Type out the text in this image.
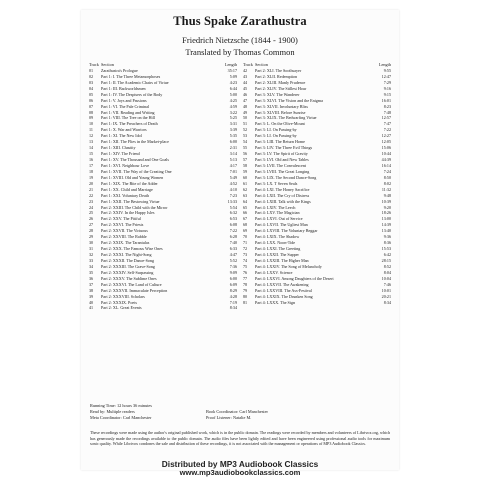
Thus Spake Zarathustra
Friedrich Nietzsche (1844 - 1900)
Translated by Thomas Common
Track Section	Length
01	Zarathustra's Prologue	35:17
02	Part 1: I. The Three Metamorphoses	5:09
03	Part 1: II. The Academic Chairs of Virtue	4:23
04	Part 1: III. Backworldsmen	6:44
05	Part 1: IV. The Despisers of the Body	5:00
06	Part 1: V. Joys and Passions	4:25
07	Part 1: VI. The Pale Criminal	4:59
08	Part 1: VII. Reading and Writing	3:22
09	Part 1: VIII. The Tree on the Hill	5:25
10	Part 1: IX. The Preachers of Death	3:31
11	Part 1: X. War and Warriors	3:39
12	Part 1: XI. The New Idol	5:35
13	Part 1: XII. The Flies in the Market-place	6:00
14	Part 1: XIII. Chastity	2:31
15	Part 1: XIV. The Friend	3:14
16	Part 1: XV. The Thousand and One Goals	5:13
17	Part 1: XVI. Neighbour Love	4:17
18	Part 1: XVII. The Way of the Creating One	7:01
19	Part 1: XVIII. Old and Young Women	5:49
20	Part 1: XIX. The Bite of the Adder	4:52
21	Part 1: XX. Child and Marriage	4:10
22	Part 1: XXI. Voluntary Death	7:23
23	Part 1: XXII. The Bestowing Virtue	13:33
24	Part 2: XXIII. The Child with the Mirror	5:54
25	Part 2: XXIV. In the Happy Isles	6:32
26	Part 2: XXV. The Pitiful	6:53
27	Part 2: XXVI. The Priests	6:08
28	Part 2: XXVII. The Virtuous	7:22
29	Part 2: XXVIII. The Rabble	6:28
30	Part 2: XXIX. The Tarantulas	7:40
31	Part 2: XXX. The Famous Wise Ones	6:33
32	Part 2: XXXI. The Night-Song	4:47
33	Part 2: XXXII. The Dance-Song	5:52
34	Part 2: XXXIII. The Grave-Song	7:36
35	Part 2: XXXIV. Self-Surpassing	9:09
36	Part 2: XXXV. The Sublime Ones	6:00
37	Part 2: XXXVI. The Land of Culture	6:09
38	Part 2: XXXVII. Immaculate Perception	8:29
39	Part 2: XXXVIII. Scholars	4:28
40	Part 2: XXXIX. Poets	7:19
41	Part 2: XL. Great Events	8:34
Track Section	Length
42	Part 2: XLI. The Soothsayer	9:55
43	Part 2: XLII. Redemption	12:47
44	Part 2: XLIII. Manly Prudence	7:29
45	Part 2: XLIV. The Stillest Hour	9:16
46	Part 3: XLV. The Wanderer	9:15
47	Part 3: XLVI. The Vision and the Enigma	16:01
48	Part 3: XLVII. Involuntary Bliss	8:23
49	Part 3: XLVIII. Before Sunrise	7:48
50	Part 3: XLIX. The Bedwarfing Virtue	12:57
51	Part 3: L. On the Olive-Mount	7:47
52	Part 3: LI. On Passing-by	7:22
53	Part 3: LI. On Passing-by	12:27
54	Part 3: LIII. The Return Home	12:05
55	Part 3: LIV. The Three Evil Things	15:06
56	Part 3: LV. The Spirit of Gravity	10:44
57	Part 3: LVI. Old and New Tables	44:39
58	Part 3: LVII. The Convalescent	16:14
59	Part 3: LVIII. The Great Longing	7:24
60	Part 3: LIX. The Second Dance-Song	8:50
61	Part 3: LX. T Seven Seals	8:02
62	Part 4: LXI. The Honey Sacrifice	11:32
63	Part 4: LXII. The Cry of Distress	9:48
64	Part 4: LXIII. Talk with the Kings	10:39
65	Part 4: LXIV. The Leech	9:20
66	Part 4: LXV. The Magician	18:26
67	Part 4: LXVI. Out of Service	13:00
68	Part 4: LXVII. The Ugliest Man	14:39
69	Part 4: LXVIII. The Voluntary Beggar	13:40
70	Part 4: LXIX. The Shadow	9:36
71	Part 4: LXX. Noon-Tide	8:36
72	Part 4: LXXI. The Greeting	15:53
73	Part 4: LXXII. The Supper	6:42
74	Part 4: LXXIII. The Higher Man	28:15
75	Part 4: LXXIV. The Song of Melancholy	8:52
76	Part 4: LXXV. Science	8:04
77	Part 4: LXXVI. Among Daughters of the Desert	10:04
78	Part 4: LXXVII. The Awakening	7:46
79	Part 4: LXXVIII. The Ass-Festival	10:01
80	Part 4: LXXIX. The Drunken Song	20:21
81	Part 4: LXXX. The Sign	8:34
Running Time: 12 hours 36 minutes
Read by: Multiple readers	Book Coordinator: Carl Manchester
Meta Coordinator: Carl Manchester	Proof Listener: Natalie M.
These recordings were made using the author's original published work, which is in the public domain. The readings were recorded by members and volunteers of Librivox.org, which has generously made the recordings available to the public domain. The audio files have been lightly edited and have been engineered using professional audio tools for maximum sonic quality. While Librivox condones the sale and distribution of these recordings, it is not associated with the management or operations of MP3 Audiobook Classics.
Distributed by MP3 Audiobook Classics
www.mp3audiobookclassics.com
